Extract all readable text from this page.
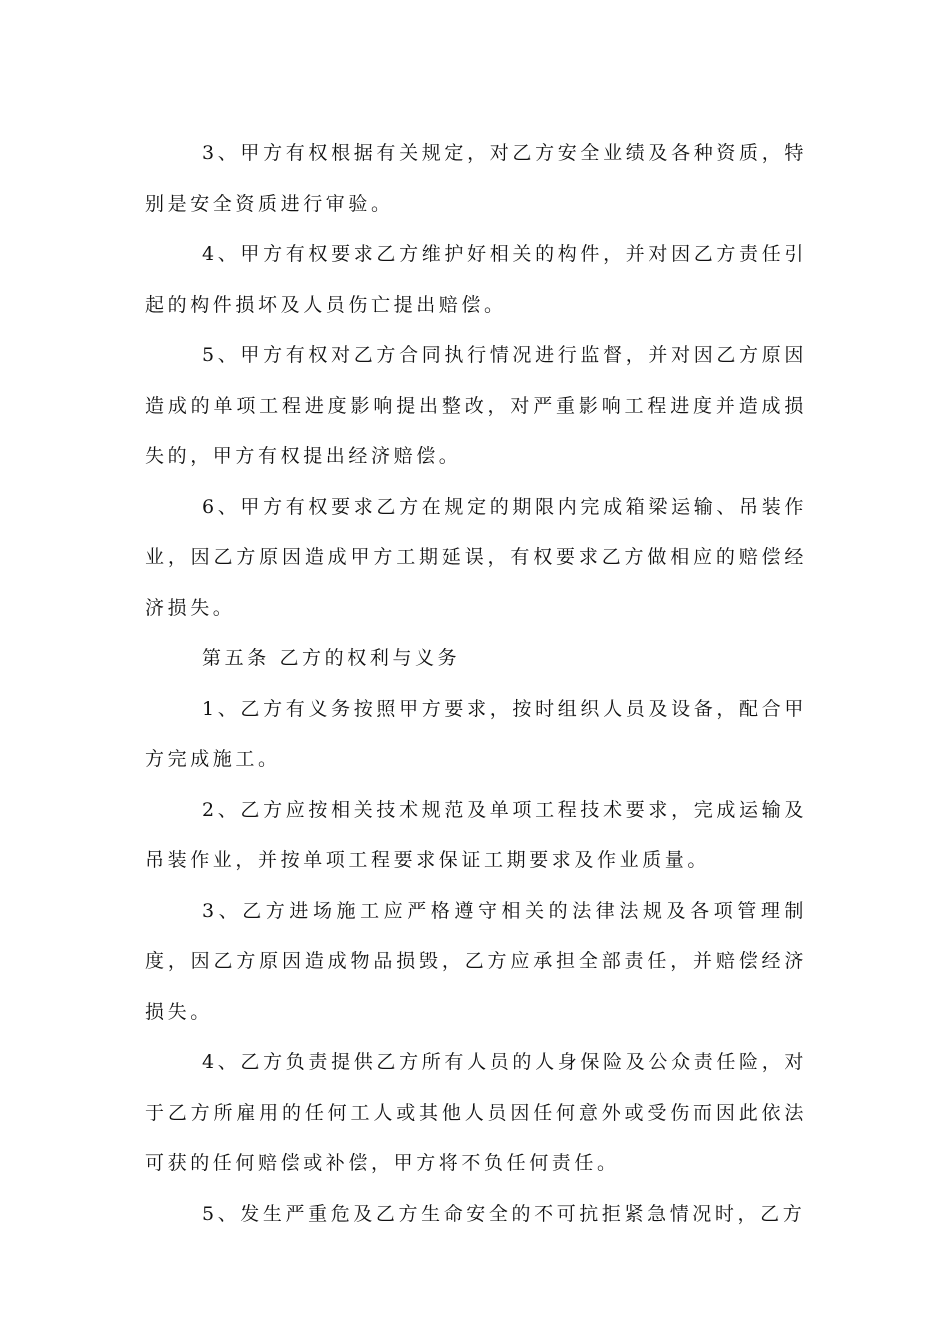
3、甲方有权根据有关规定，对乙方安全业绩及各种资质，特别是安全资质进行审验。

4、甲方有权要求乙方维护好相关的构件，并对因乙方责任引起的构件损坏及人员伤亡提出赔偿。

5、甲方有权对乙方合同执行情况进行监督，并对因乙方原因造成的单项工程进度影响提出整改，对严重影响工程进度并造成损失的，甲方有权提出经济赔偿。

6、甲方有权要求乙方在规定的期限内完成箱梁运输、吊装作业，因乙方原因造成甲方工期延误，有权要求乙方做相应的赔偿经济损失。

第五条 乙方的权利与义务

1、乙方有义务按照甲方要求，按时组织人员及设备，配合甲方完成施工。

2、乙方应按相关技术规范及单项工程技术要求，完成运输及吊装作业，并按单项工程要求保证工期要求及作业质量。

3、乙方进场施工应严格遵守相关的法律法规及各项管理制度，因乙方原因造成物品损毁，乙方应承担全部责任，并赔偿经济损失。

4、乙方负责提供乙方所有人员的人身保险及公众责任险，对于乙方所雇用的任何工人或其他人员因任何意外或受伤而因此依法可获的任何赔偿或补偿，甲方将不负任何责任。

5、发生严重危及乙方生命安全的不可抗拒紧急情况时，乙方
